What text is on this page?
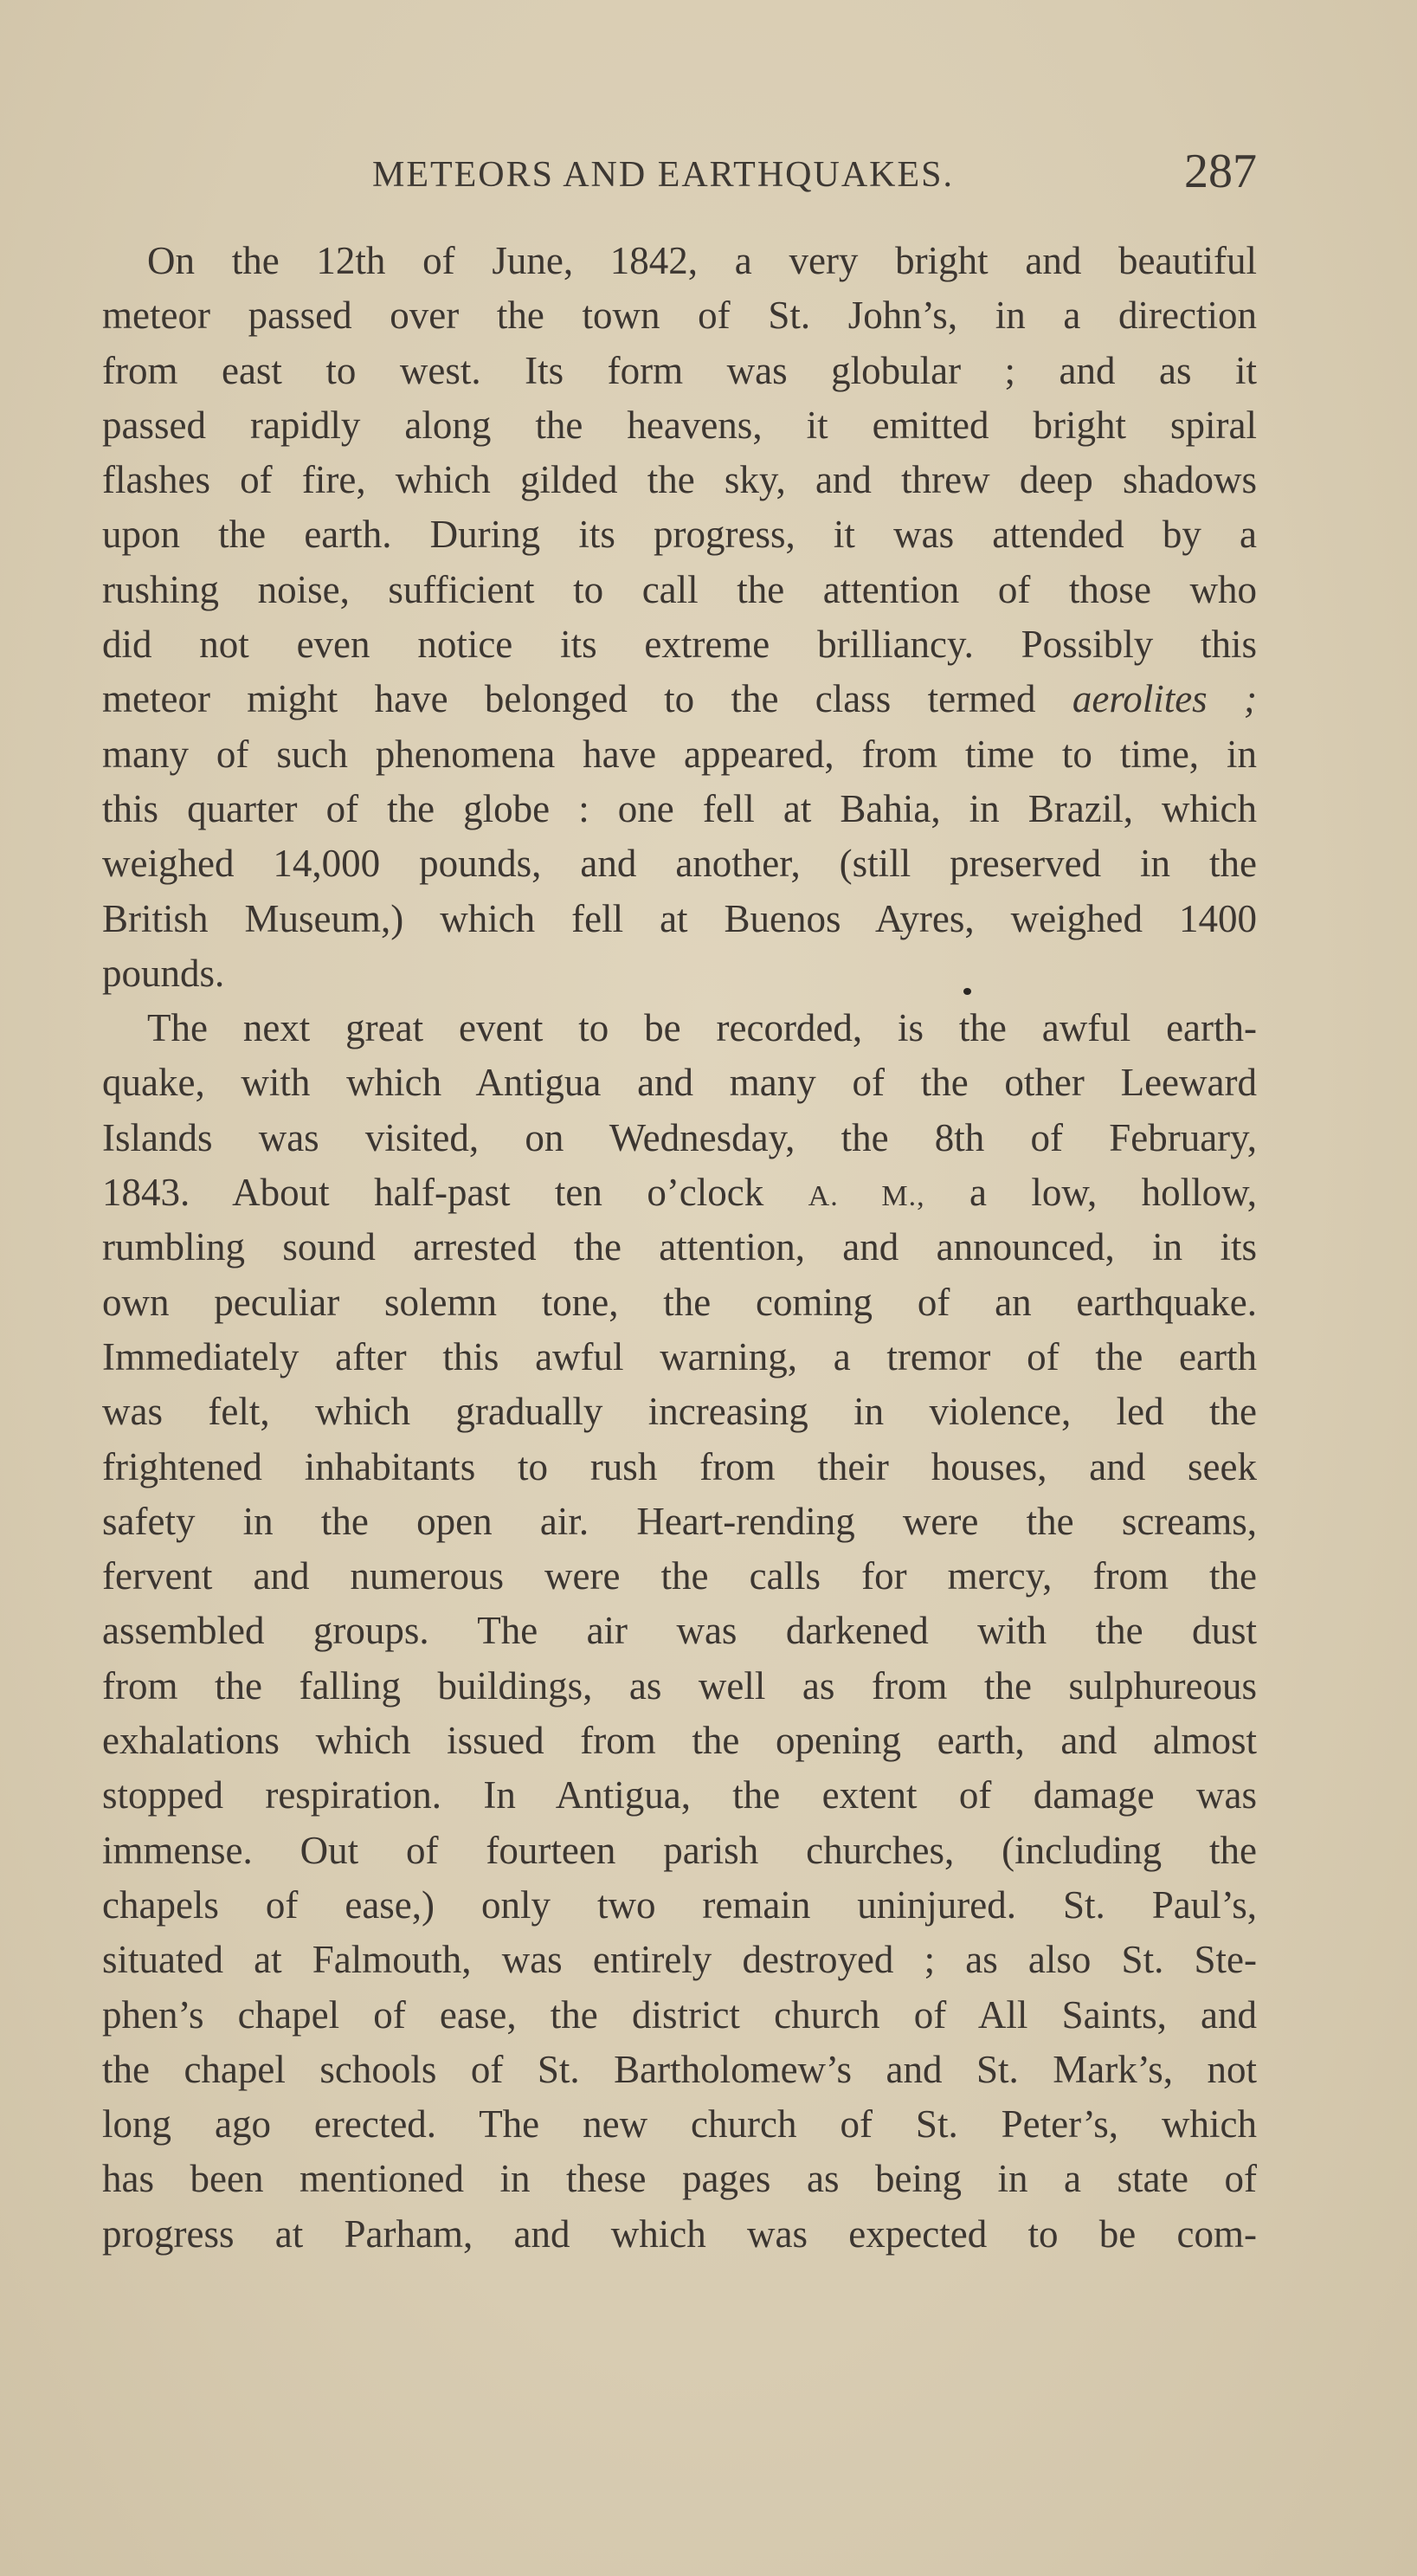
METEORS AND EARTHQUAKES.	287
On the 12th of June, 1842, a very bright and beautiful
meteor passed over the town of St. John’s, in a direction
from east to west. Its form was globular ; and as it
passed rapidly along the heavens, it emitted bright spiral
flashes of fire, which gilded the sky, and threw deep shadows
upon the earth. During its progress, it was attended by a
rushing noise, sufficient to call the attention of those who
did not even notice its extreme brilliancy. Possibly this
meteor might have belonged to the class termed aerolites ;
many of such phenomena have appeared, from time to time, in
this quarter of the globe : one fell at Bahia, in Brazil, which
weighed 14,000 pounds, and another, (still preserved in the
British Museum,) which fell at Buenos Ayres, weighed 1400
pounds.
The next great event to be recorded, is the awful earth-
quake, with which Antigua and many of the other Leeward
Islands was visited, on Wednesday, the 8th of February,
1843. About half-past ten o’clock A. M., a low, hollow,
rumbling sound arrested the attention, and announced, in its
own peculiar solemn tone, the coming of an earthquake.
Immediately after this awful warning, a tremor of the earth
was felt, which gradually increasing in violence, led the
frightened inhabitants to rush from their houses, and seek
safety in the open air. Heart-rending were the screams,
fervent and numerous were the calls for mercy, from the
assembled groups. The air was darkened with the dust
from the falling buildings, as well as from the sulphureous
exhalations which issued from the opening earth, and almost
stopped respiration. In Antigua, the extent of damage was
immense. Out of fourteen parish churches, (including the
chapels of ease,) only two remain uninjured. St. Paul’s,
situated at Falmouth, was entirely destroyed ; as also St. Ste-
phen’s chapel of ease, the district church of All Saints, and
the chapel schools of St. Bartholomew’s and St. Mark’s, not
long ago erected. The new church of St. Peter’s, which
has been mentioned in these pages as being in a state of
progress at Parham, and which was expected to be com-
